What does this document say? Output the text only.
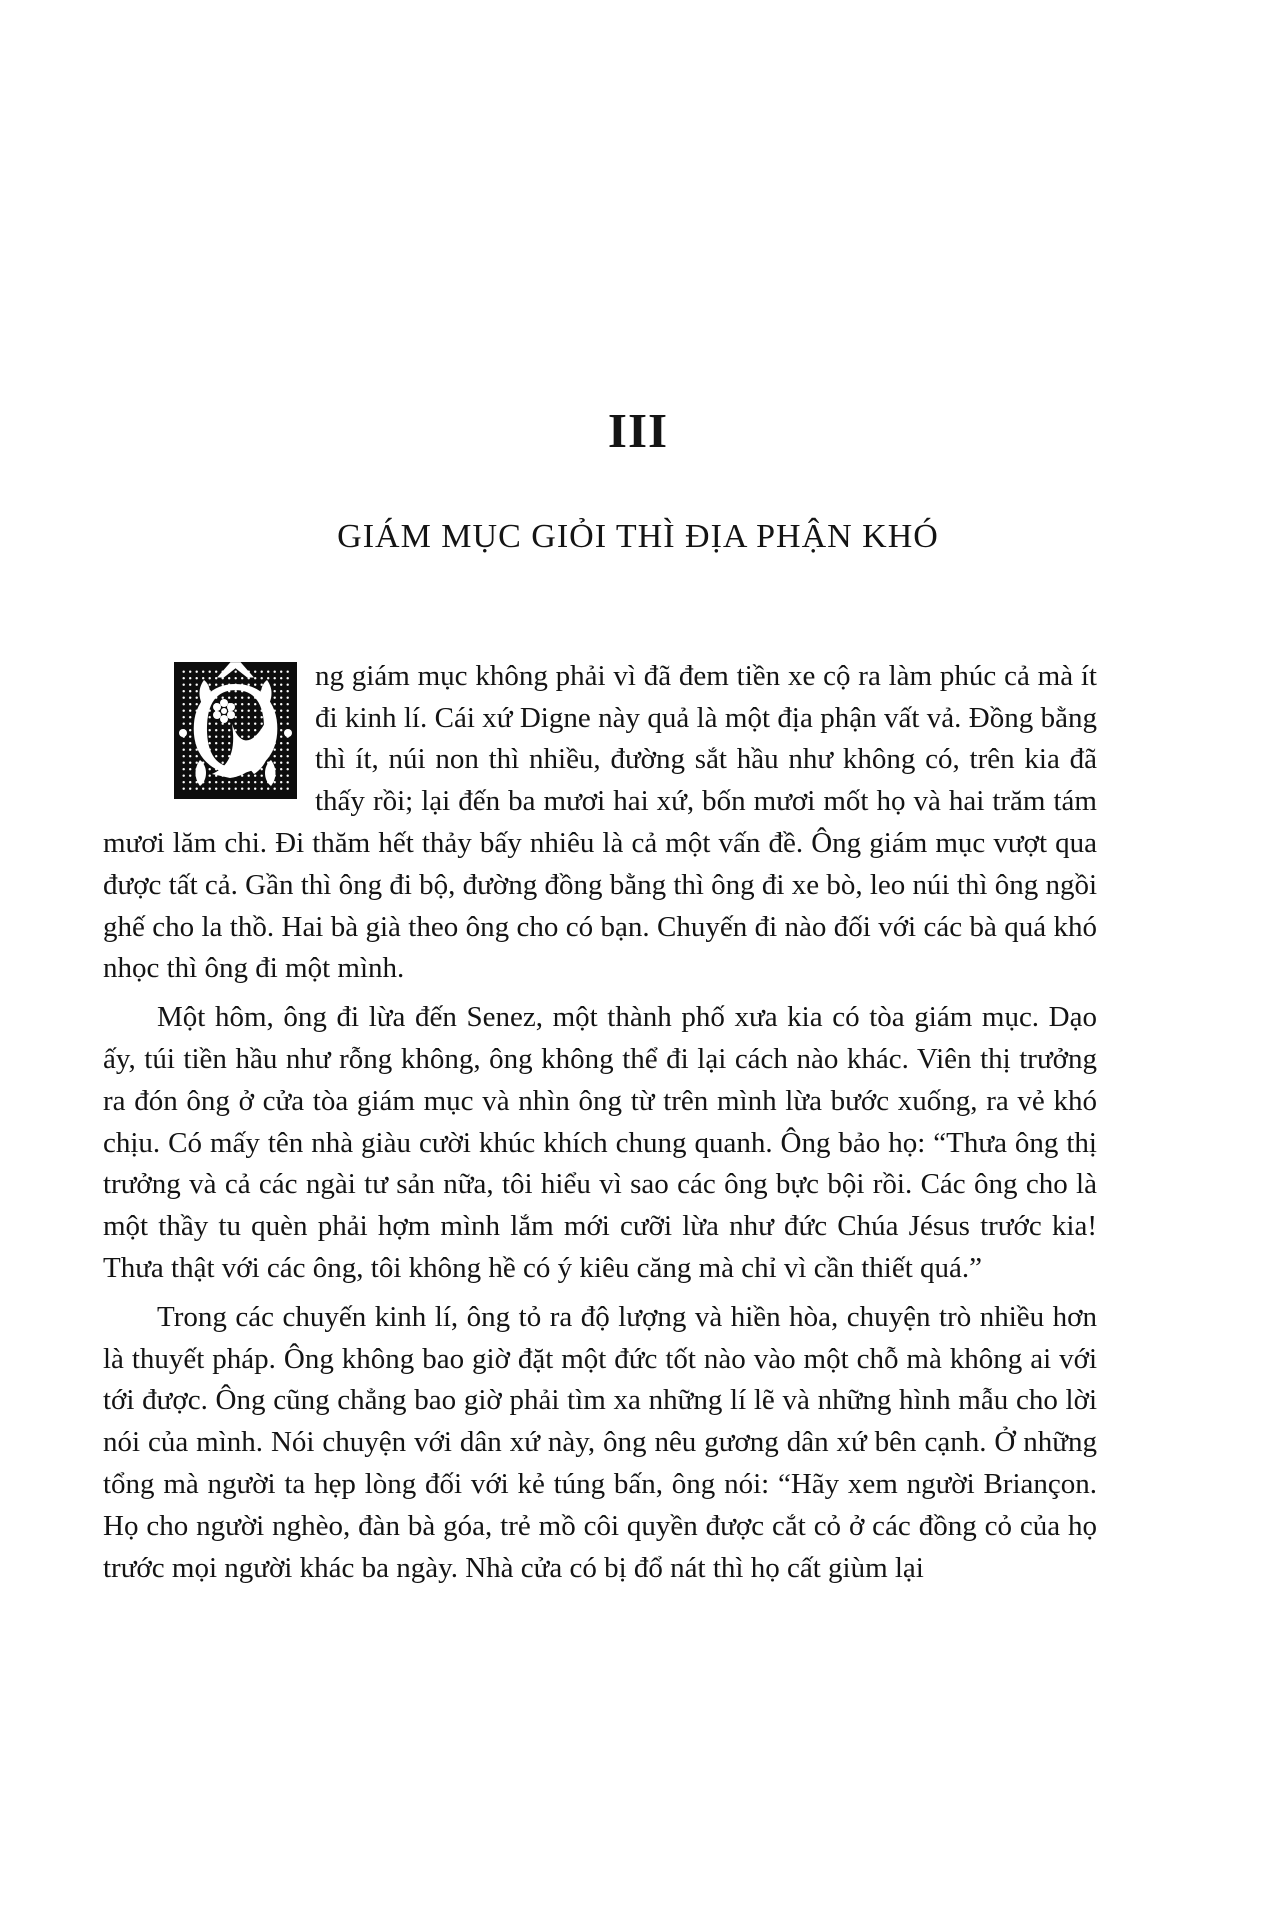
III
GIÁM MỤC GIỎI THÌ ĐỊA PHẬN KHÓ

Ô	ng giám mục không phải vì đã đem tiền xe cộ ra làm phúc cả mà ít đi kinh lí. Cái xứ Digne này quả là một địa phận vất vả. Đồng bằng thì ít, núi non thì nhiều, đường sắt hầu như không có, trên kia đã thấy rồi; lại đến ba mươi hai xứ, bốn mươi mốt họ và hai trăm tám mươi lăm chi. Đi thăm hết thảy bấy nhiêu là cả một vấn đề. Ông giám mục vượt qua được tất cả. Gần thì ông đi bộ, đường đồng bằng thì ông đi xe bò, leo núi thì ông ngồi ghế cho la thồ. Hai bà già theo ông cho có bạn. Chuyến đi nào đối với các bà quá khó nhọc thì ông đi một mình.

Một hôm, ông đi lừa đến Senez, một thành phố xưa kia có tòa giám mục. Dạo ấy, túi tiền hầu như rỗng không, ông không thể đi lại cách nào khác. Viên thị trưởng ra đón ông ở cửa tòa giám mục và nhìn ông từ trên mình lừa bước xuống, ra vẻ khó chịu. Có mấy tên nhà giàu cười khúc khích chung quanh. Ông bảo họ: “Thưa ông thị trưởng và cả các ngài tư sản nữa, tôi hiểu vì sao các ông bực bội rồi. Các ông cho là một thầy tu quèn phải hợm mình lắm mới cưỡi lừa như đức Chúa Jésus trước kia! Thưa thật với các ông, tôi không hề có ý kiêu căng mà chỉ vì cần thiết quá.”

Trong các chuyến kinh lí, ông tỏ ra độ lượng và hiền hòa, chuyện trò nhiều hơn là thuyết pháp. Ông không bao giờ đặt một đức tốt nào vào một chỗ mà không ai với tới được. Ông cũng chẳng bao giờ phải tìm xa những lí lẽ và những hình mẫu cho lời nói của mình. Nói chuyện với dân xứ này, ông nêu gương dân xứ bên cạnh. Ở những tổng mà người ta hẹp lòng đối với kẻ túng bấn, ông nói: “Hãy xem người Briançon. Họ cho người nghèo, đàn bà góa, trẻ mồ côi quyền được cắt cỏ ở các đồng cỏ của họ trước mọi người khác ba ngày. Nhà cửa có bị đổ nát thì họ cất giùm lại
